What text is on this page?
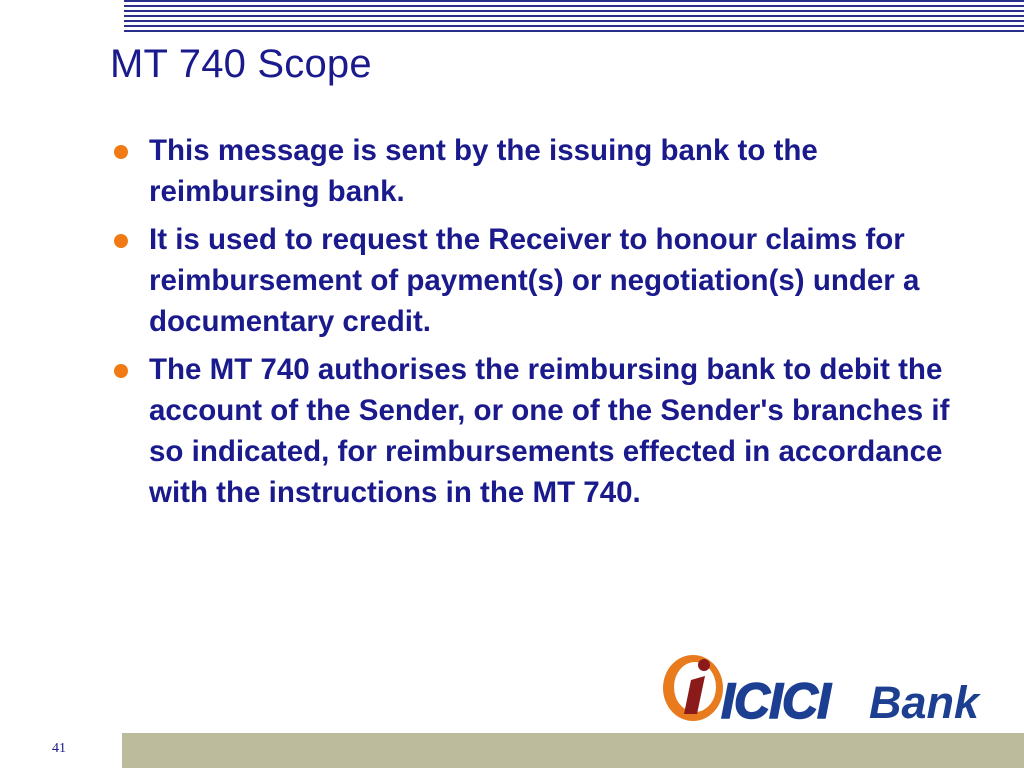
MT 740 Scope
This message is sent by the issuing bank to the reimbursing bank.
It is used to request the Receiver to honour claims for reimbursement of payment(s) or negotiation(s) under a documentary credit.
The MT 740 authorises the reimbursing bank to debit the account of the Sender, or one of the Sender's branches if so indicated, for reimbursements effected in accordance with the instructions in the MT 740.
ICICI Bank
41
